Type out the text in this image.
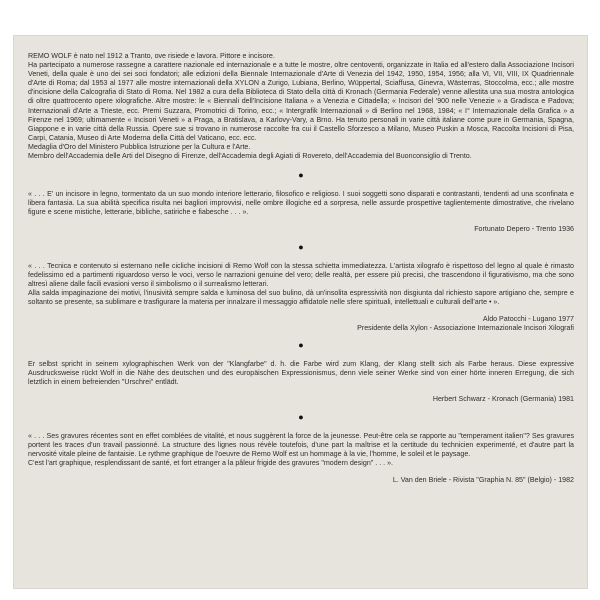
REMO WOLF è nato nel 1912 a Tranto, ove risiede e lavora. Pittore e incisore.

Ha partecipato a numerose rassegne a carattere nazionale ed internazionale e a tutte le mostre, oltre centoventi, organizzate in Italia ed all'estero dalla Associazione Incisori Veneti, della quale è uno dei sei soci fondatori; alle edizioni della Biennale Internazionale d'Arte di Venezia del 1942, 1950, 1954, 1956; alla VI, VII, VIII, IX Quadriennale d'Arte di Roma; dal 1953 al 1977 alle mostre internazionali della XYLON a Zurigo, Lubiana, Berlino, Wüppertal, Sciaffusa, Ginevra, Wästerras, Stoccolma, ecc.; alle mostre d'incisione della Calcografia di Stato di Roma. Nel 1982 a cura della Biblioteca di Stato della città di Kronach (Germania Federale) venne allestita una sua mostra antologica di oltre quattrocento opere xilografiche. Altre mostre: le « Biennali dell'Incisione Italiana » a Venezia e Cittadella; « Incisori del '900 nelle Venezie » a Gradisca e Padova; Internazionali d'Arte a Trieste, ecc. Premi Suzzara, Promotrici di Torino, ecc.; « Intergrafik Internazionali » di Berlino nel 1968, 1984; « I° Internazionale della Grafica » a Firenze nel 1969; ultimamente « Incisori Veneti » a Praga, a Bratislava, a Karlovy-Vary, a Brno. Ha tenuto personali in varie città italiane come pure in Germania, Spagna, Giappone e in varie città della Russia. Opere sue si trovano in numerose raccolte fra cui il Castello Sforzesco a Milano, Museo Puskin a Mosca, Raccolta Incisioni di Pisa, Carpi, Catania, Museo di Arte Moderna della Città del Vaticano, ecc. ecc.

Medaglia d'Oro del Ministero Pubblica Istruzione per la Cultura e l'Arte.

Membro dell'Accademia delle Arti del Disegno di Firenze, dell'Accademia degli Agiati di Rovereto, dell'Accademia del Buonconsiglio di Trento.

●

« . . . E' un incisore in legno, tormentato da un suo mondo interiore letterario, filosofico e religioso. I suoi soggetti sono disparati e contrastanti, tendenti ad una sconfinata e libera fantasia. La sua abilità specifica risulta nei bagliori improvvisi, nelle ombre illogiche ed a sorpresa, nelle assurde prospettive taglientemente dimostrative, che rivelano figure e scene mistiche, letterarie, bibliche, satiriche e fiabesche . . . ».

Fortunato Depero - Trento 1936
●

« . . . Tecnica e contenuto si esternano nelle cicliche incisioni di Remo Wolf con la stessa schietta immediatezza. L'artista xilografo è rispettoso del legno al quale è rimasto fedelissimo ed a partimenti riguardoso verso le voci, verso le narrazioni genuine del vero; delle realtà, per essere più precisi, che trascendono il figurativismo, ma che sono altresì aliene dalle facili evasioni verso il simbolismo o il surrealismo letterari.
Alla salda impaginazione dei motivi, l'inusività sempre salda e luminosa del suo bulino, dà un'insolita espressività non disgiunta dal richiesto sapore artigiano che, sempre e soltanto se presente, sa sublimare e trasfigurare la materia per innalzare il messaggio affidatole nelle sfere spirituali, intellettuali e culturali dell'arte • ».

Aldo Patocchi - Lugano 1977
Presidente della Xylon - Associazione Internazionale Incisori Xilografi
●

Er selbst spricht in seinem xylographischen Werk von der "Klangfarbe" d. h. die Farbe wird zum Klang, der Klang stellt sich als Farbe heraus. Diese expressive Ausdrucksweise rückt Wolf in die Nähe des deutschen und des europäischen Expressionismus, denn viele seiner Werke sind von einer hörte inneren Erregung, die sich letztlich in einem befreienden "Urschrei" entlädt.

Herbert Schwarz - Kronach (Germania) 1981
●

« . . . Ses gravures récentes sont en effet comblées de vitalité, et nous suggèrent la force de la jeunesse. Peut-être cela se rapporte au "temperament italien"? Ses gravures portent les traces d'un travail passionné. La structure des lignes nous révèle toutefois, d'une part la maîtrise et la certitude du technicien experimenté, et d'autre part la nervosité vitale pleine de fantaisie. Le rythme graphique de l'oeuvre de Remo Wolf est un hommage à la vie, l'homme, le soleil et le paysage.
C'est l'art graphique, resplendissant de santé, et fort etranger a la pâleur frigide des gravures "modern design" . . . ».

L. Van den Briele - Rivista "Graphia N. 85" (Belgio) - 1982
